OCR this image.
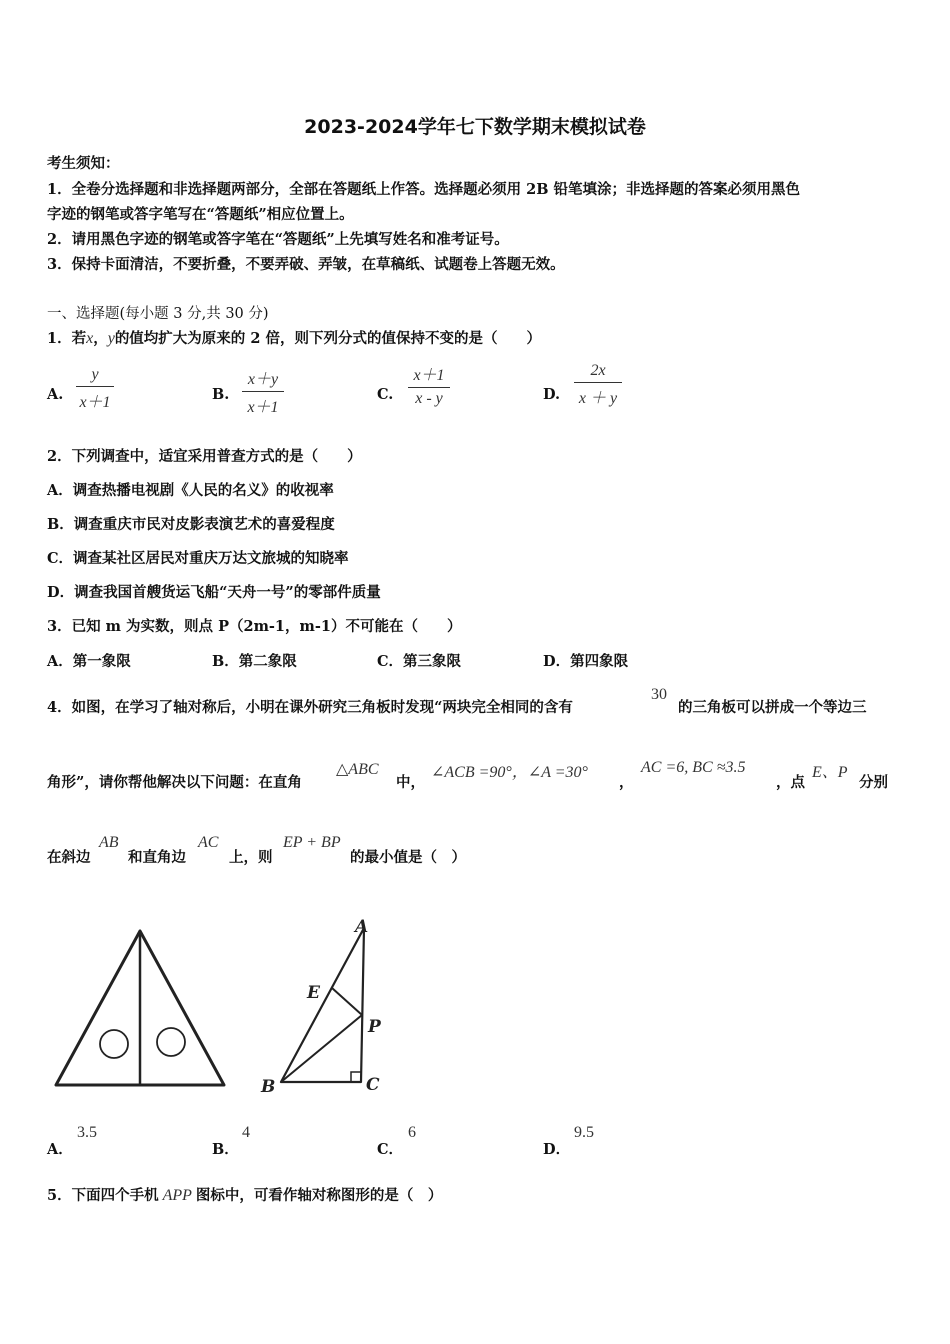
2023-2024学年七下数学期末模拟试卷
考生须知：
1．全卷分选择题和非选择题两部分，全部在答题纸上作答。选择题必须用 2B 铅笔填涂；非选择题的答案必须用黑色
字迹的钢笔或答字笔写在“答题纸”相应位置上。
2．请用黑色字迹的钢笔或答字笔在“答题纸”上先填写姓名和准考证号。
3．保持卡面清洁，不要折叠，不要弄破、弄皱，在草稿纸、试题卷上答题无效。
一、选择题(每小题 3 分,共 30 分)
1．若x，y的值均扩大为原来的 2 倍，则下列分式的值保持不变的是（　　）
A. $\frac{y}{x+1}$	B. $\frac{x+y}{x+1}$	C. $\frac{x+1}{x - y}$	D. $\frac{2x}{x + y}$
2．下列调查中，适宜采用普查方式的是（　　）
A．调查热播电视剧《人民的名义》的收视率
B．调查重庆市民对皮影表演艺术的喜爱程度
C．调查某社区居民对重庆万达文旅城的知晓率
D．调查我国首艘货运飞船“天舟一号”的零部件质量
3．已知 m 为实数，则点 P（2m-1，m-1）不可能在（　　）
A．第一象限	B．第二象限	C．第三象限	D．第四象限
4．如图，在学习了轴对称后，小明在课外研究三角板时发现“两块完全相同的含有
30
的三角板可以拼成一个等边三
角形”，请你帮他解决以下问题：在直角
△ABC
中，
∠ACB =90°，∠A =30°
，
AC =6, BC ≈3.5
，点
E、P
分别
在斜边
AB
和直角边
AC
上，则
EP + BP
的最小值是（　）
A
E
P
B	C
A．
3.5
B．
4
C．
6
D．
9.5
5．下面四个手机 APP 图标中，可看作轴对称图形的是（　）
